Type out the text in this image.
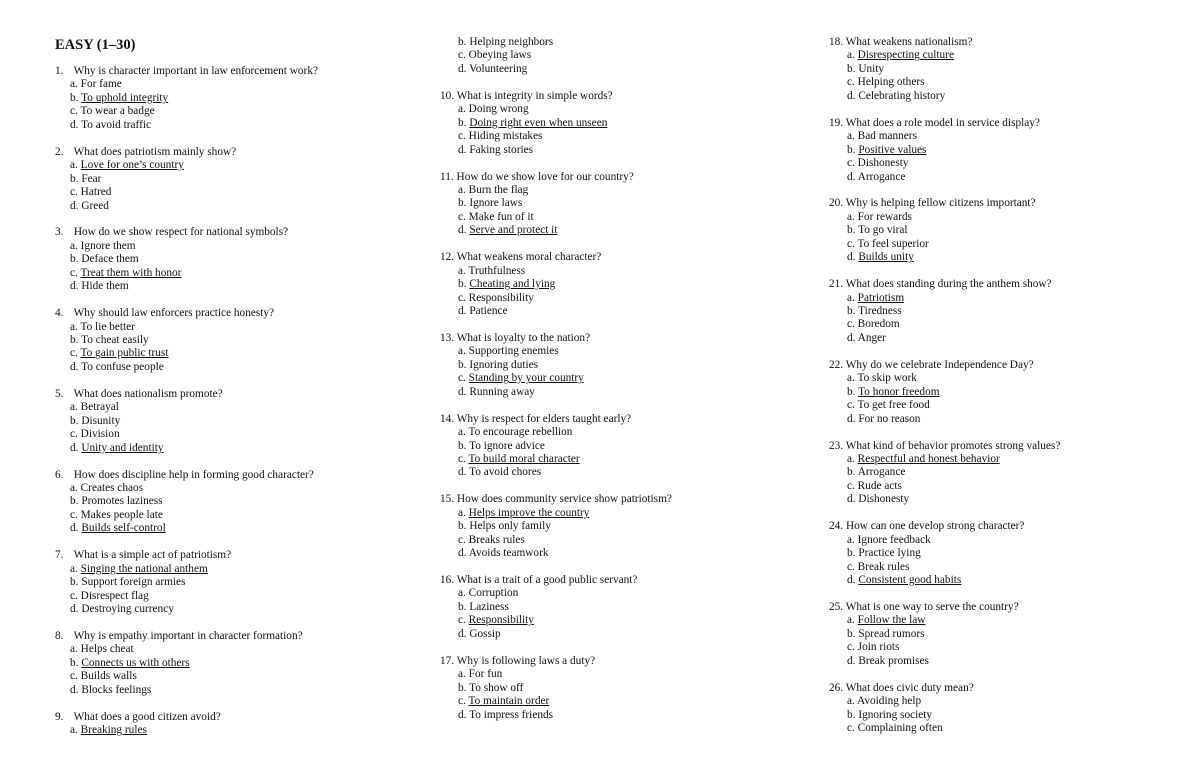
EASY (1–30)
1. Why is character important in law enforcement work?
a. For fame
b. To uphold integrity
c. To wear a badge
d. To avoid traffic
2. What does patriotism mainly show?
a. Love for one’s country
b. Fear
c. Hatred
d. Greed
3. How do we show respect for national symbols?
a. Ignore them
b. Deface them
c. Treat them with honor
d. Hide them
4. Why should law enforcers practice honesty?
a. To lie better
b. To cheat easily
c. To gain public trust
d. To confuse people
5. What does nationalism promote?
a. Betrayal
b. Disunity
c. Division
d. Unity and identity
6. How does discipline help in forming good character?
a. Creates chaos
b. Promotes laziness
c. Makes people late
d. Builds self-control
7. What is a simple act of patriotism?
a. Singing the national anthem
b. Support foreign armies
c. Disrespect flag
d. Destroying currency
8. Why is empathy important in character formation?
a. Helps cheat
b. Connects us with others
c. Builds walls
d. Blocks feelings
9. What does a good citizen avoid?
a. Breaking rules
b. Helping neighbors
c. Obeying laws
d. Volunteering
10. What is integrity in simple words?
a. Doing wrong
b. Doing right even when unseen
c. Hiding mistakes
d. Faking stories
11. How do we show love for our country?
a. Burn the flag
b. Ignore laws
c. Make fun of it
d. Serve and protect it
12. What weakens moral character?
a. Truthfulness
b. Cheating and lying
c. Responsibility
d. Patience
13. What is loyalty to the nation?
a. Supporting enemies
b. Ignoring duties
c. Standing by your country
d. Running away
14. Why is respect for elders taught early?
a. To encourage rebellion
b. To ignore advice
c. To build moral character
d. To avoid chores
15. How does community service show patriotism?
a. Helps improve the country
b. Helps only family
c. Breaks rules
d. Avoids teamwork
16. What is a trait of a good public servant?
a. Corruption
b. Laziness
c. Responsibility
d. Gossip
17. Why is following laws a duty?
a. For fun
b. To show off
c. To maintain order
d. To impress friends
18. What weakens nationalism?
a. Disrespecting culture
b. Unity
c. Helping others
d. Celebrating history
19. What does a role model in service display?
a. Bad manners
b. Positive values
c. Dishonesty
d. Arrogance
20. Why is helping fellow citizens important?
a. For rewards
b. To go viral
c. To feel superior
d. Builds unity
21. What does standing during the anthem show?
a. Patriotism
b. Tiredness
c. Boredom
d. Anger
22. Why do we celebrate Independence Day?
a. To skip work
b. To honor freedom
c. To get free food
d. For no reason
23. What kind of behavior promotes strong values?
a. Respectful and honest behavior
b. Arrogance
c. Rude acts
d. Dishonesty
24. How can one develop strong character?
a. Ignore feedback
b. Practice lying
c. Break rules
d. Consistent good habits
25. What is one way to serve the country?
a. Follow the law
b. Spread rumors
c. Join riots
d. Break promises
26. What does civic duty mean?
a. Avoiding help
b. Ignoring society
c. Complaining often
